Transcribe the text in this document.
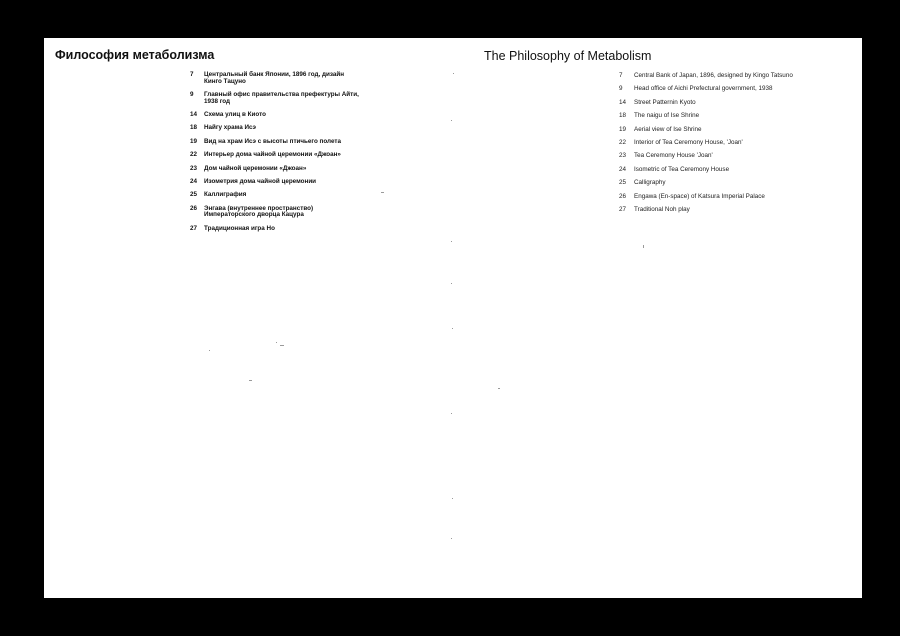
Философия метаболизма
7	Центральный банк Японии, 1896 год, дизайн Кинго Тацуно
9	Главный офис правительства префектуры Айти, 1938 год
14	Схема улиц в Киото
18	Найгу храма Исэ
19	Вид на храм Исэ с высоты птичьего полета
22	Интерьер дома чайной церемонии «Джоан»
23	Дом чайной церемонии «Джоан»
24	Изометрия дома чайной церемонии
25	Каллиграфия
26	Энгава (внутреннее пространство) Императорского дворца Кацура
27	Традиционная игра Но
The Philosophy of Metabolism
7	Central Bank of Japan, 1896, designed by Kingo Tatsuno
9	Head office of Aichi Prefectural government, 1938
14	Street Patternin Kyoto
18	The naigu of Ise Shrine
19	Aerial view of Ise Shrine
22	Interior of Tea Ceremony House, 'Joan'
23	Tea Ceremony House 'Joan'
24	Isometric of Tea Ceremony House
25	Calligraphy
26	Engawa (En-space) of Katsura Imperial Palace
27	Traditional Noh play
